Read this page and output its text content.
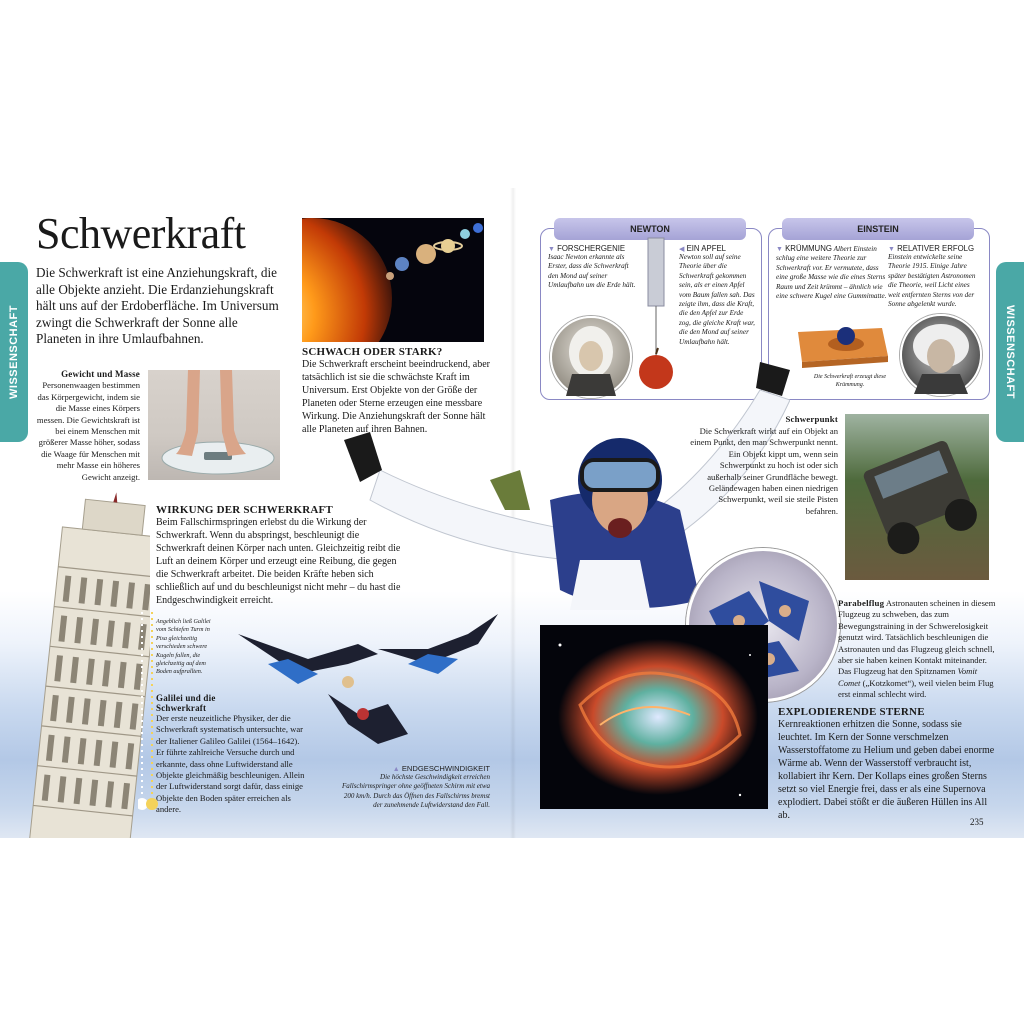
WISSENSCHAFT	WISSENSCHAFT
Schwerkraft
Die Schwerkraft ist eine Anziehungskraft, die alle Objekte anzieht. Die Erdanziehungskraft hält uns auf der Erdoberfläche. Im Universum zwingt die Schwerkraft der Sonne alle Planeten in ihre Umlaufbahnen.
Gewicht und Masse
Personenwaagen bestimmen das Körpergewicht, indem sie die Masse eines Körpers messen. Die Gewichtskraft ist bei einem Menschen mit größerer Masse höher, sodass die Waage für Menschen mit mehr Masse ein höheres Gewicht anzeigt.
SCHWACH ODER STARK?
Die Schwerkraft erscheint beeindruckend, aber tatsächlich ist sie die schwächste Kraft im Universum. Erst Objekte von der Größe der Planeten oder Sterne erzeugen eine messbare Wirkung. Die Anziehungskraft der Sonne hält alle Planeten auf ihren Bahnen.
WIRKUNG DER SCHWERKRAFT
Beim Fallschirmspringen erlebst du die Wirkung der Schwerkraft. Wenn du abspringst, beschleunigt die Schwerkraft deinen Körper nach unten. Gleichzeitig reibt die Luft an deinem Körper und erzeugt eine Reibung, die gegen die Schwerkraft arbeitet. Die beiden Kräfte heben sich schließlich auf und du beschleunigst nicht mehr – du hast die Endgeschwindigkeit erreicht.
Angeblich ließ Galilei vom Schiefen Turm in Pisa gleichzeitig verschieden schwere Kugeln fallen, die gleichzeitig auf dem Boden aufprallten.
Galilei und die Schwerkraft
Der erste neuzeitliche Physiker, der die Schwerkraft systematisch untersuchte, war der Italiener Galileo Galilei (1564–1642). Er führte zahlreiche Versuche durch und erkannte, dass ohne Luftwiderstand alle Objekte gleichmäßig beschleunigen. Allein der Luftwiderstand sorgt dafür, dass einige Objekte den Boden später erreichen als andere.
▲ ENDGESCHWINDIGKEIT
Die höchste Geschwindigkeit erreichen Fallschirmspringer ohne geöffneten Schirm mit etwa 200 km/h. Durch das Öffnen des Fallschirms bremst der zunehmende Luftwiderstand den Fall.
NEWTON
▼ FORSCHERGENIE
Isaac Newton erkannte als Erster, dass die Schwerkraft den Mond auf seiner Umlaufbahn um die Erde hält.
◀ EIN APFEL
Newton soll auf seine Theorie über die Schwerkraft gekommen sein, als er einen Apfel vom Baum fallen sah. Das zeigte ihm, dass die Kraft, die den Apfel zur Erde zog, die gleiche Kraft war, die den Mond auf seiner Umlaufbahn hält.
EINSTEIN
▼ KRÜMMUNG Albert Einstein schlug eine weitere Theorie zur Schwerkraft vor. Er vermutete, dass eine große Masse wie die eines Sterns Raum und Zeit krümmt – ähnlich wie eine schwere Kugel eine Gummimatte.
▼ RELATIVER ERFOLG
Einstein entwickelte seine Theorie 1915. Einige Jahre später bestätigten Astronomen die Theorie, weil Licht eines weit entfernten Sterns von der Sonne abgelenkt wurde.
Die Schwerkraft erzeugt diese Krümmung.
Schwerpunkt
Die Schwerkraft wirkt auf ein Objekt an einem Punkt, den man Schwerpunkt nennt. Ein Objekt kippt um, wenn sein Schwerpunkt zu hoch ist oder sich außerhalb seiner Grundfläche bewegt. Geländewagen haben einen niedrigen Schwerpunkt, weil sie steile Pisten befahren.
Parabelflug Astronauten scheinen in diesem Flugzeug zu schweben, das zum Bewegungstraining in der Schwerelosigkeit genutzt wird. Tatsächlich beschleunigen die Astronauten und das Flugzeug gleich schnell, aber sie haben keinen Kontakt miteinander. Das Flugzeug hat den Spitznamen Vomit Comet („Kotzkomet“), weil vielen beim Flug erst einmal schlecht wird.
EXPLODIERENDE STERNE
Kernreaktionen erhitzen die Sonne, sodass sie leuchtet. Im Kern der Sonne verschmelzen Wasserstoffatome zu Helium und geben dabei enorme Wärme ab. Wenn der Wasserstoff verbraucht ist, kollabiert ihr Kern. Der Kollaps eines großen Sterns setzt so viel Energie frei, dass er als eine Supernova explodiert. Dabei stößt er die äußeren Hüllen ins All ab.
235
